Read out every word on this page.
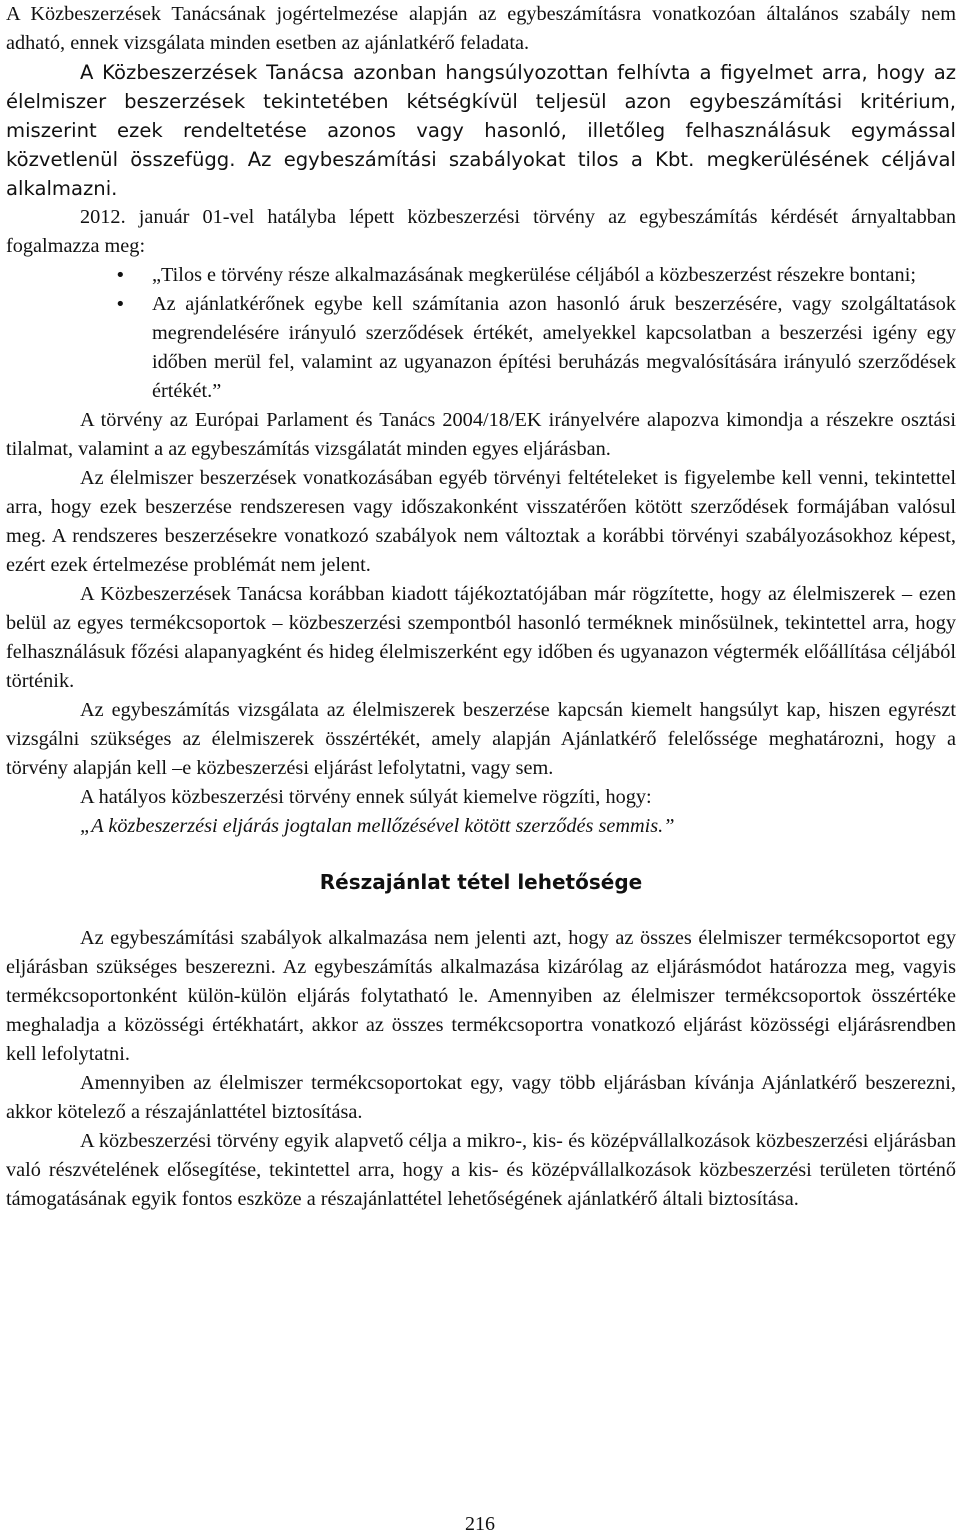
A Közbeszerzések Tanácsának jogértelmezése alapján az egybeszámításra vonatkozóan általános szabály nem adható, ennek vizsgálata minden esetben az ajánlatkérő feladata.

A Közbeszerzések Tanácsa azonban hangsúlyozottan felhívta a figyelmet arra, hogy az élelmiszer beszerzések tekintetében kétségkívül teljesül azon egybeszámítási kritérium, miszerint ezek rendeltetése azonos vagy hasonló, illetőleg felhasználásuk egymással közvetlenül összefügg. Az egybeszámítási szabályokat tilos a Kbt. megkerülésének céljával alkalmazni.

2012. január 01-vel hatályba lépett közbeszerzési törvény az egybeszámítás kérdését árnyaltabban fogalmazza meg:

• „Tilos e törvény része alkalmazásának megkerülése céljából a közbeszerzést részekre bontani;
• Az ajánlatkérőnek egybe kell számítania azon hasonló áruk beszerzésére, vagy szolgáltatások megrendelésére irányuló szerződések értékét, amelyekkel kapcsolatban a beszerzési igény egy időben merül fel, valamint az ugyanazon építési beruházás megvalósítására irányuló szerződések értékét.”

A törvény az Európai Parlament és Tanács 2004/18/EK irányelvére alapozva kimondja a részekre osztási tilalmat, valamint a az egybeszámítás vizsgálatát minden egyes eljárásban.

Az élelmiszer beszerzések vonatkozásában egyéb törvényi feltételeket is figyelembe kell venni, tekintettel arra, hogy ezek beszerzése rendszeresen vagy időszakonként visszatérően kötött szerződések formájában valósul meg. A rendszeres beszerzésekre vonatkozó szabályok nem változtak a korábbi törvényi szabályozásokhoz képest, ezért ezek értelmezése problémát nem jelent.

A Közbeszerzések Tanácsa korábban kiadott tájékoztatójában már rögzítette, hogy az élelmiszerek – ezen belül az egyes termékcsoportok – közbeszerzési szempontból hasonló terméknek minősülnek, tekintettel arra, hogy felhasználásuk főzési alapanyagként és hideg élelmiszerként egy időben és ugyanazon végtermék előállítása céljából történik.

Az egybeszámítás vizsgálata az élelmiszerek beszerzése kapcsán kiemelt hangsúlyt kap, hiszen egyrészt vizsgálni szükséges az élelmiszerek összértékét, amely alapján Ajánlatkérő felelőssége meghatározni, hogy a törvény alapján kell –e közbeszerzési eljárást lefolytatni, vagy sem.

A hatályos közbeszerzési törvény ennek súlyát kiemelve rögzíti, hogy:

„A közbeszerzési eljárás jogtalan mellőzésével kötött szerződés semmis.”

Részajánlat tétel lehetősége

Az egybeszámítási szabályok alkalmazása nem jelenti azt, hogy az összes élelmiszer termékcsoportot egy eljárásban szükséges beszerezni. Az egybeszámítás alkalmazása kizárólag az eljárásmódot határozza meg, vagyis termékcsoportonként külön-külön eljárás folytatható le. Amennyiben az élelmiszer termékcsoportok összértéke meghaladja a közösségi értékhatárt, akkor az összes termékcsoportra vonatkozó eljárást közösségi eljárásrendben kell lefolytatni.

Amennyiben az élelmiszer termékcsoportokat egy, vagy több eljárásban kívánja Ajánlatkérő beszerezni, akkor kötelező a részajánlattétel biztosítása.

A közbeszerzési törvény egyik alapvető célja a mikro-, kis- és középvállalkozások közbeszerzési eljárásban való részvételének elősegítése, tekintettel arra, hogy a kis- és középvállalkozások közbeszerzési területen történő támogatásának egyik fontos eszköze a részajánlattétel lehetőségének ajánlatkérő általi biztosítása.

216
